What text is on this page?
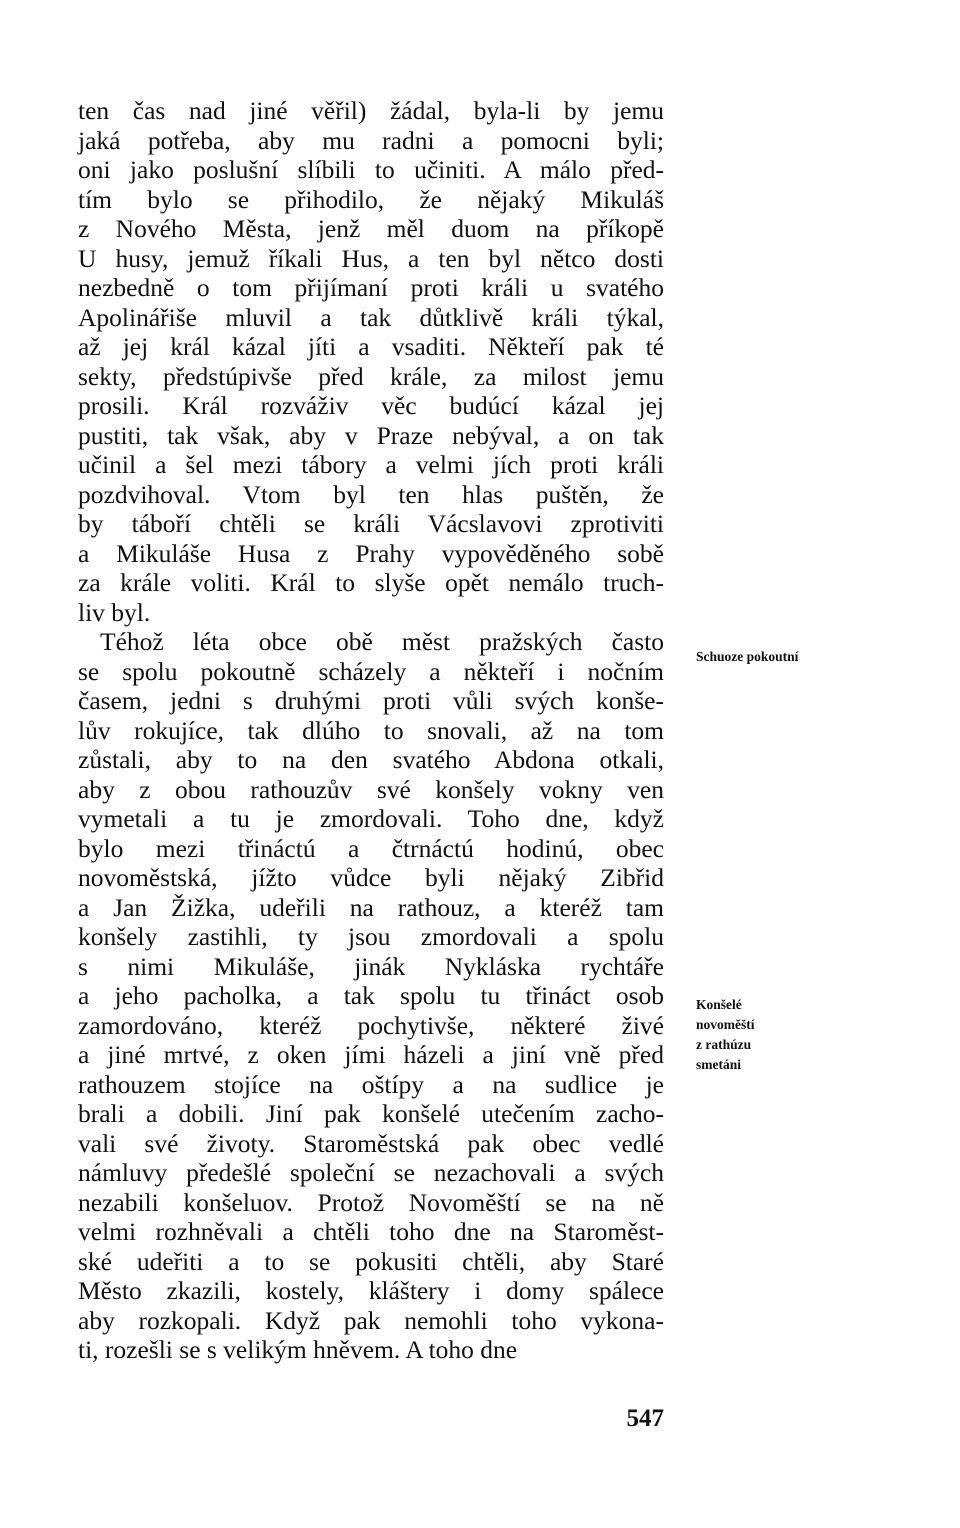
ten čas nad jiné věřil) žádal, byla-li by jemu
jaká potřeba, aby mu radni a pomocni byli;
oni jako poslušní slíbili to učiniti. A málo před-
tím bylo se přihodilo, že nějaký Mikuláš
z Nového Města, jenž měl duom na příkopě
U husy, jemuž říkali Hus, a ten byl nětco dosti
nezbedně o tom přijímaní proti králi u svatého
Apolinářiše mluvil a tak důtklivě králi týkal,
až jej král kázal jíti a vsaditi. Někteří pak té
sekty, předstúpivše před krále, za milost jemu
prosili. Král rozváživ věc budúcí kázal jej
pustiti, tak však, aby v Praze nebýval, a on tak
učinil a šel mezi tábory a velmi jích proti králi
pozdvihoval. Vtom byl ten hlas puštěn, že
by tábоří chtěli se králi Vácslavovi zprotiviti
a Mikuláše Husa z Prahy vypověděného sobě
za krále voliti. Král to slyše opět nemálo truch-
liv byl.
Téhož léta obce obě měst pražských často
se spolu pokoutně scházely a někteří i nočním
časem, jedni s druhými proti vůli svých konše-
lův rokujíce, tak dlúho to snovali, až na tom
zůstali, aby to na den svatého Abdona otkali,
aby z obou rathouzův své konšely vokny ven
vymetali a tu je zmordovali. Toho dne, když
bylo mezi třináctú a čtrnáctú hodinú, obec
novoměstská, jížto vůdce byli nějaký Zibřid
a Jan Žižka, udeřili na rathouz, a kteréž tam
konšely zastihli, ty jsou zmordovali a spolu
s nimi Mikuláše, jinák Nykláska rychtáře
a jeho pacholka, a tak spolu tu třináct osob
zamordováno, kteréž pochytivše, některé živé
a jiné mrtvé, z oken jími házeli a jiní vně před
rathouzem stojíce na oštípy a na sudlice je
brali a dobili. Jiní pak konšelé utečením zacho-
vali své životy. Staroměstská pak obec vedlé
námluvy předešlé společní se nezachovali a svých
nezabili konšeluov. Protož Novoměští se na ně
velmi rozhněvali a chtěli toho dne na Staroměst-
ské udeřiti a to se pokusiti chtěli, aby Staré
Město zkazili, kostely, kláštery i domy spálece
aby rozkopali. Když pak nemohli toho vykona-
ti, rozešli se s velikým hněvem. A toho dne
Schuoze pokoutní
Konšelé
novoměští
z rathúzu
smetáni
547
